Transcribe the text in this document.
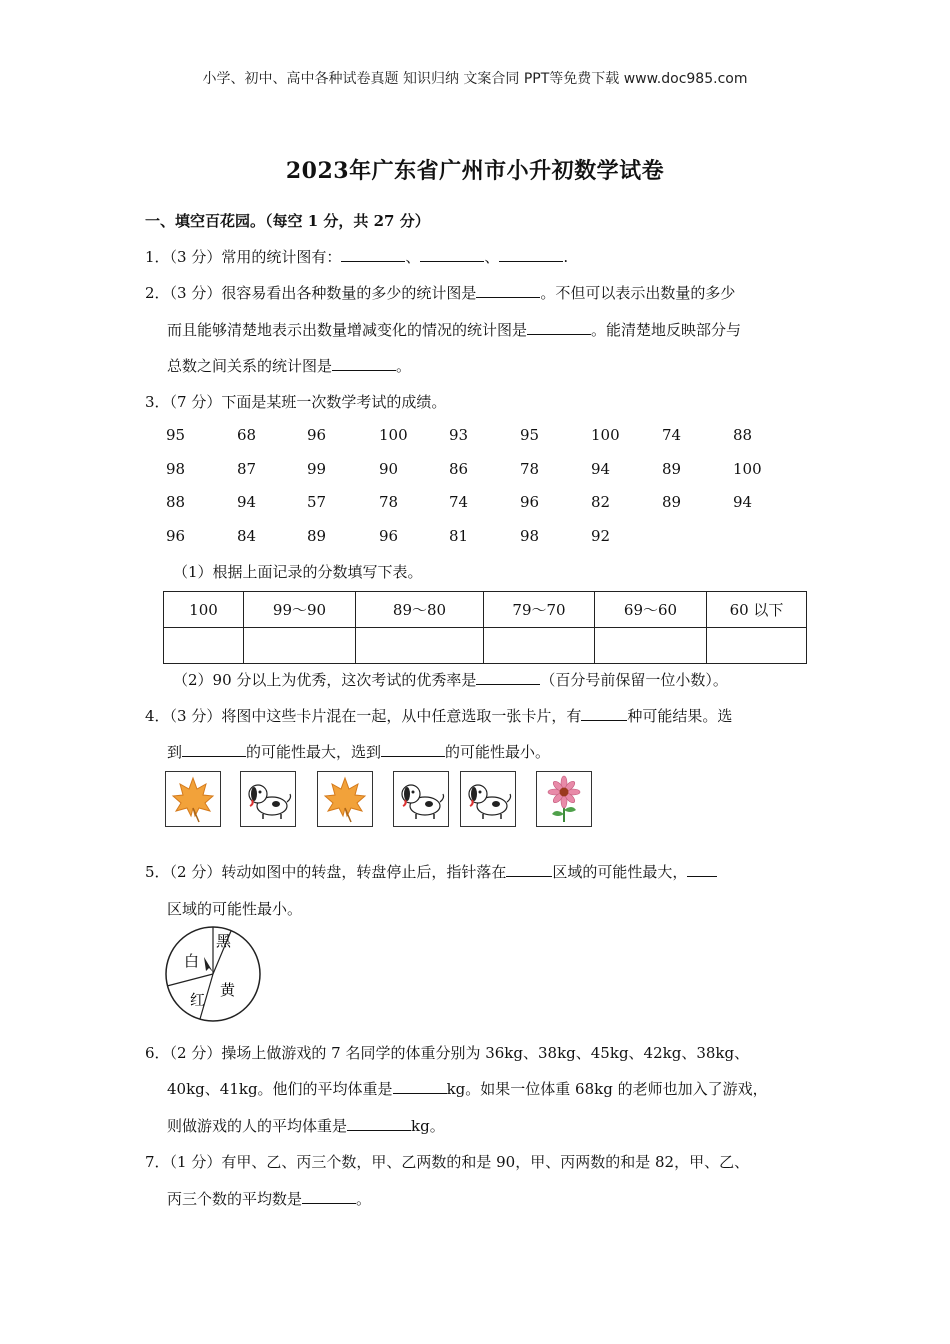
小学、初中、高中各种试卷真题 知识归纳 文案合同 PPT等免费下载 www.doc985.com
2023年广东省广州市小升初数学试卷
一、填空百花园。（每空 1 分，共 27 分）
1．（3 分）常用的统计图有：	、	、	.
2．（3 分）很容易看出各种数量的多少的统计图是	。不但可以表示出数量的多少
而且能够清楚地表示出数量增减变化的情况的统计图是	。能清楚地反映部分与
总数之间关系的统计图是	。
3．（7 分）下面是某班一次数学考试的成绩。
95	68	96	100	93	95	100	74	88
98	87	99	90	86	78	94	89	100
88	94	57	78	74	96	82	89	94
96	84	89	96	81	98	92
（1）根据上面记录的分数填写下表。
100	99～90	89～80	79～70	69～60	60 以下

（2）90 分以上为优秀，这次考试的优秀率是	（百分号前保留一位小数）。
4．（3 分）将图中这些卡片混在一起，从中任意选取一张卡片，有	种可能结果。选
到	的可能性最大，选到	的可能性最小。
5．（2 分）转动如图中的转盘，转盘停止后，指针落在	区域的可能性最大，
区域的可能性最小。
黑
白
黄
红
6．（2 分）操场上做游戏的 7 名同学的体重分别为 36kg、38kg、45kg、42kg、38kg、
40kg、41kg。他们的平均体重是	kg。如果一位体重 68kg 的老师也加入了游戏，
则做游戏的人的平均体重是	kg。
7．（1 分）有甲、乙、丙三个数，甲、乙两数的和是 90，甲、丙两数的和是 82，甲、乙、
丙三个数的平均数是	。
